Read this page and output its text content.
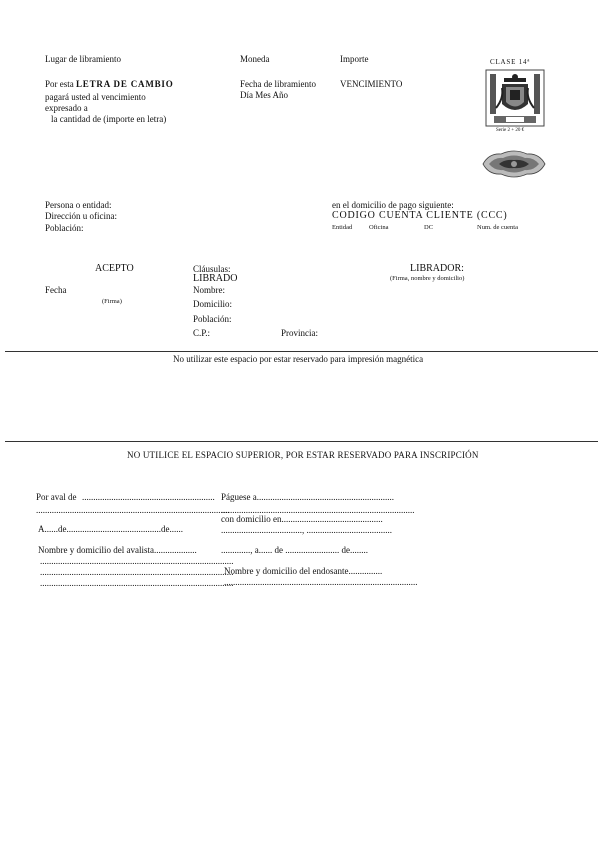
Lugar de libramiento	Moneda	Importe
Por esta LETRA DE CAMBIO
pagará usted al vencimiento
expresado a
la cantidad de (importe en letra)
Fecha de libramiento
Día Mes Año
VENCIMIENTO
CLASE 14ª
Serie 2 + 20 €
Persona o entidad:
Dirección u oficina:
Población:
en el domicilio de pago siguiente:
CODIGO CUENTA CLIENTE (CCC)
Entidad	Oficina	DC	Num. de cuenta
ACEPTO
Fecha
(Firma)
Cláusulas:
LIBRADO
Nombre:
Domicilio:
Población:
C.P.:	Provincia:
LIBRADOR:
(Firma, nombre y domicilio)
No utilizar este espacio por estar reservado para impresión magnética
NO UTILICE EL ESPACIO SUPERIOR, POR ESTAR RESERVADO PARA INSCRIPCIÓN
Por aval de ...........................................................
......................................................................................
A......de..........................................de......
Nombre y domicilio del avalista...................
......................................................................................
......................................................................................
......................................................................................
Páguese a.............................................................
......................................................................................
con domicilio en.............................................
...................................., ......................................
............., a...... de ........................ de........
Nombre y domicilio del endosante...............
......................................................................................
